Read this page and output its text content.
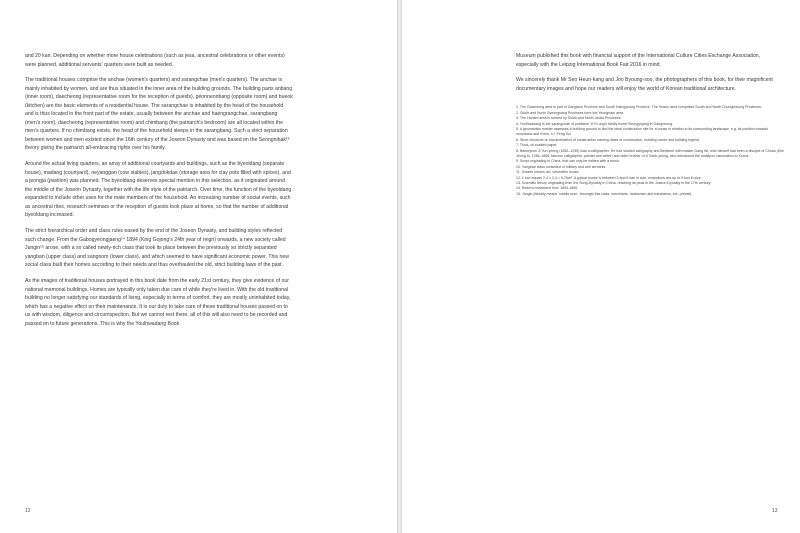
and 20 kan. Depending on whether more house celebrations (such as jesa, ancestral celebrations or other events) were planned, additional servants' quarters were built as needed.

The traditional houses comprise the anchae (women's quarters) and sarangchae (men's quarters). The anchae is mainly inhabited by women, and are thus situated in the inner area of the building grounds. The building parts anbang (inner room), daecheong (representative room for the reception of guests), geonneonbang (opposite room) and bueok (kitchen) are the basic elements of a residential house. The sarangchae is inhabited by the head of the household and is thus located in the front part of the estate, usually between the anchae and haengrangchae. sarangbang (men's room), daecheong (representative room) and chimbang (the patriarch's bedroom) are all located within the men's quarters. If no chimbang exists, the head of the household sleeps in the sarangbang. Such a strict separation between women and men existed since the 16th century of the Joseon Dynasty and was based on the Seongnihak¹³ theory giving the patriarch all-embracing rights over his family.

Around the actual living quarters, an array of additional courtyards and buildings, such as the byeoldang (separate house), madang (courtyard), oeyanggan (cow stables), jangdokdae (storage area for clay pots filled with spices), and a jeongja (pavilion) was planned. The byeoldang deserves special mention in this selection, as it originated around the middle of the Joseon Dynasty, together with the life style of the patriarch. Over time, the function of the byeoldang expanded to include other uses for the male members of the household. An increasing number of social events, such as ancestral rites, research seminars or the reception of guests took place at home, so that the number of additional byeoldang increased.

The strict hierarchical order and class rules eased by the end of the Joseon Dynasty, and building styles reflected such change. From the Gabogyeongjaeng¹⁴ 1894 (King Gojong's 24th year of reign) onwards, a new society called Jungin¹⁵ arose, with a so called newly-rich class that took its place between the previously so strictly separated yangban (upper class) and sangnom (lower class), and which seemed to have significant economic power. This new social class built their homes according to their needs and thus overhauled the old, strict building laws of the past.

As the images of traditional houses portrayed in this book date from the early 21st century, they give evidence of our national memorial buildings. Homes are typically only taken due care of while they're lived in. With the old traditional building no longer satisfying our standards of living, especially in terms of comfort, they are mostly uninhabited today, which has a negative effect on their maintenance. It is our duty to take care of these traditional houses passed on to us with wisdom, diligence and circumspection. But we cannot rest there, all of this will also need to be recorded and passed on to future generations. This is why the Youlhwadang Book

12

Museum published this book with financial support of the International Culture Cities Exchange Association, especially with the Leipzig International Book Fair 2016 in mind.

We sincerely thank Mr Seo Heun-kang and Joo Byoung-soo, the photographers of this book, for their magnificent documentary images and hope our readers will enjoy the world of Korean traditional architecture.

1. The Gwandong area is part of Gangwon Province and South Hamgyeong Province. The Hoseo area comprises South and North Chungcheong Provinces.

2. South and North Gyeongsang Provinces form the Yeongnam area.

3. The Honam area is formed by South and North Jeolla Provinces.

4. Youlhwadang is the sarangchae of publisher Yi Ki-ung's family home Seongyojang in Gangneung.

5. A geomantics master assesses a building ground to find the ideal construction site for a house in relation to its surrounding landscape, e.g. its position towards mountains and rivers, c.f. Feng Sui.

6. Short chronicle or documentation of construction naming dates of construction, building owner and building legend.

7. Thick, oil-soaked paper.

8. Baekryeon Ji Yun-yeong (1852–1935) was a calligrapher. He had studied calligraphy and literature with master Gang Wi, who himself had been a disciple of Chusa (Kim Jeong-hi, 1786–1856, famous calligrapher, painter and writer) and older brother of Ji Seok-yeong, who introduced the smallpox vaccination to Korea.

9. Script originating in China, that can only be written with a brush.

10. Yangban class consisted of military and civil servants.

11. Gotaek means old, venerable house.

12. 1 kan equals 2,4 × 2,4 = 5,76m². A typical house is between 3 and 6 kan in size, exceptions are up to 9 kan in size.

13. Scientific theory originating from the Sung-Dynasty in China, reaching its peak in the Joseon Dynasty in the 17th century.

14. Reform movement from 1894-1896.

15. Jungin (literally means 'middle man'. Amongst this class, merchants, tradesmen and translators, etc. prevail).

13
